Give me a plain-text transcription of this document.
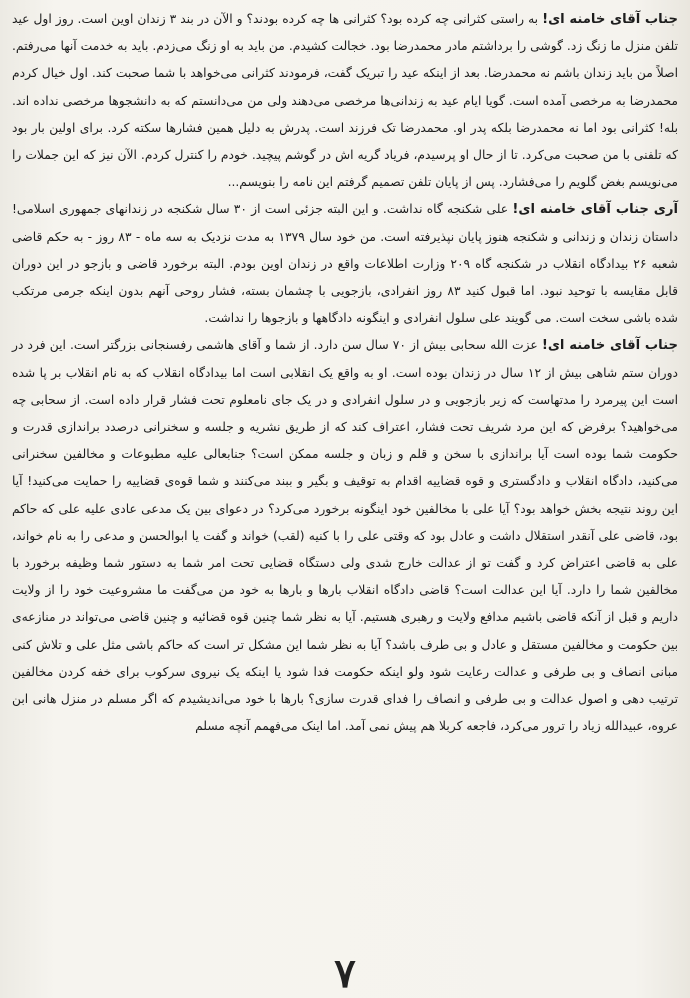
جناب آقای خامنه ای! به راستی کثرانی چه کرده بود؟ کثرانی ها چه کرده بودند؟ و الآن در بند ۳ زندان اوین است. روز اول عید تلفن منزل ما زنگ زد. گوشی را برداشتم مادر محمدرضا بود. خجالت کشیدم. من باید به او زنگ می‌زدم. باید به خدمت آنها می‌رفتم. اصلاً من باید زندان باشم نه محمدرضا. بعد از اینکه عید را تبریک گفت، فرمودند کثرانی می‌خواهد با شما صحبت کند. اول خیال کردم محمدرضا به مرخصی آمده است. گویا ایام عید به زندانی‌ها مرخصی می‌دهند ولی من می‌دانستم که به دانشجوها مرخصی نداده اند. بله! کثرانی بود اما نه محمدرضا بلکه پدر او. محمدرضا تک فرزند است. پدرش به دلیل همین فشارها سکته کرد. برای اولین بار بود که تلفنی با من صحبت می‌کرد. تا از حال او پرسیدم، فریاد گریه اش در گوشم پیچید. خودم را کنترل کردم. الآن نیز که این جملات را می‌نویسم بغض گلویم را می‌فشارد. پس از پایان تلفن تصمیم گرفتم این نامه را بنویسم...

آری جناب آقای خامنه ای! علی شکنجه گاه نداشت. و این البته جزئی است از ۳۰ سال شکنجه در زندانهای جمهوری اسلامی! داستان زندان و زندانی و شکنجه هنوز پایان نپذیرفته است. من خود سال ۱۳۷۹ به مدت نزدیک به سه ماه - ۸۳ روز - به حکم قاضی شعبه ۲۶ بیدادگاه انقلاب در شکنجه گاه ۲۰۹ وزارت اطلاعات واقع در زندان اوین بودم. البته برخورد قاضی و بازجو در این دوران قابل مقایسه با توحید نبود. اما قبول کنید ۸۳ روز انفرادی، بازجویی با چشمان بسته، فشار روحی آنهم بدون اینکه جرمی مرتکب شده باشی سخت است. می گویند علی سلول انفرادی و اینگونه دادگاهها و بازجوها را نداشت.

جناب آقای خامنه ای! عزت الله سحابی بیش از ۷۰ سال سن دارد. از شما و آقای هاشمی رفسنجانی بزرگتر است. این فرد در دوران ستم شاهی بیش از ۱۲ سال در زندان بوده است. او به واقع یک انقلابی است اما بیدادگاه انقلاب که به نام انقلاب بر پا شده است این پیرمرد را مدتهاست که زیر بازجویی و در سلول انفرادی و در یک جای نامعلوم تحت فشار قرار داده است. از سحابی چه می‌خواهید؟ برفرض که این مرد شریف تحت فشار، اعتراف کند که از طریق نشریه و جلسه و سخنرانی درصدد براندازی قدرت و حکومت شما بوده است آیا براندازی با سخن و قلم و زبان و جلسه ممکن است؟ جنابعالی علیه مطبوعات و مخالفین سخنرانی می‌کنید، دادگاه انقلاب و دادگستری و قوه قضاییه اقدام به توقیف و بگیر و ببند می‌کنند و شما قوه‌ی قضاییه را حمایت می‌کنید! آیا این روند نتیجه بخش خواهد بود؟ آیا علی با مخالفین خود اینگونه برخورد می‌کرد؟ در دعوای بین یک مدعی عادی علیه علی که حاکم بود، قاضی علی آنقدر استقلال داشت و عادل بود که وقتی علی را با کنیه (لقب) خواند و گفت یا ابوالحسن و مدعی را به نام خواند، علی به قاضی اعتراض کرد و گفت تو از عدالت خارج شدی ولی دستگاه قضایی تحت امر شما به دستور شما وظیفه برخورد با مخالفین شما را دارد. آیا این عدالت است؟ قاضی دادگاه انقلاب بارها و بارها به خود من می‌گفت ما مشروعیت خود را از ولایت داریم و قبل از آنکه قاضی باشیم مدافع ولایت و رهبری هستیم. آیا به نظر شما چنین قوه قضائیه و چنین قاضی می‌تواند در منازعه‌ی بین حکومت و مخالفین مستقل و عادل و بی طرف باشد؟ آیا به نظر شما این مشکل تر است که حاکم باشی مثل علی و تلاش کنی مبانی انصاف و بی طرفی و عدالت رعایت شود ولو اینکه حکومت فدا شود یا اینکه یک نیروی سرکوب برای خفه کردن مخالفین ترتیب دهی و اصول عدالت و بی طرفی و انصاف را فدای قدرت سازی؟ بارها با خود می‌اندیشیدم که اگر مسلم در منزل هانی ابن عروه، عبیدالله زیاد را ترور می‌کرد، فاجعه کربلا هم پیش نمی آمد. اما اینک می‌فهمم آنچه مسلم

۷
